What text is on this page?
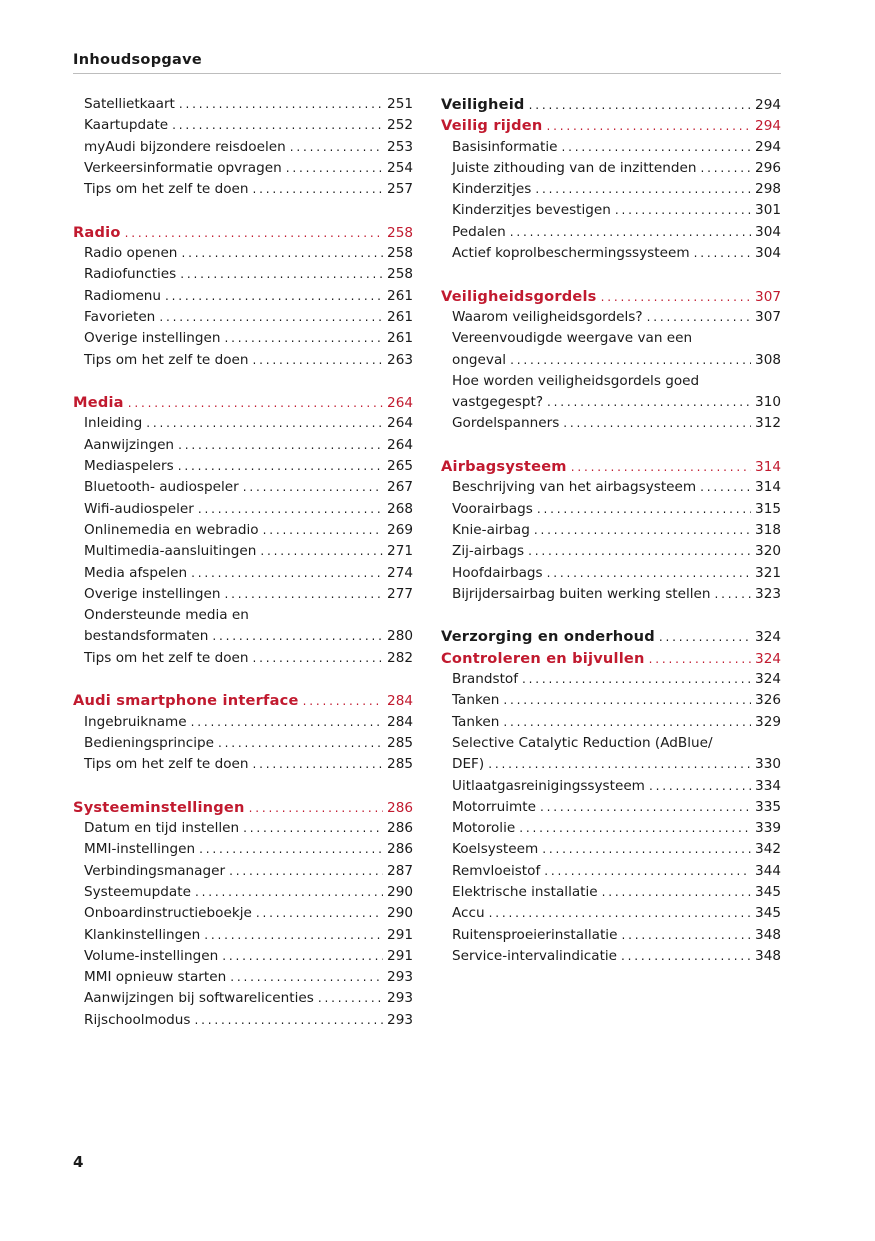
Inhoudsopgave
Satellietkaart . . .	251
Kaartupdate . . .	252
myAudi bijzondere reisdoelen . . .	253
Verkeersinformatie opvragen . . .	254
Tips om het zelf te doen . . .	257
Radio . . .	258
Radio openen . . .	258
Radiofuncties . . .	258
Radiomenu . . .	261
Favorieten . . .	261
Overige instellingen . . .	261
Tips om het zelf te doen . . .	263
Media . . .	264
Inleiding . . .	264
Aanwijzingen . . .	264
Mediaspelers . . .	265
Bluetooth- audiospeler . . .	267
Wifi-audiospeler . . .	268
Onlinemedia en webradio . . .	269
Multimedia-aansluitingen . . .	271
Media afspelen . . .	274
Overige instellingen . . .	277
Ondersteunde media en
bestandsformaten . . .	280
Tips om het zelf te doen . . .	282
Audi smartphone interface . . .	284
Ingebruikname . . .	284
Bedieningsprincipe . . .	285
Tips om het zelf te doen . . .	285
Systeeminstellingen . . .	286
Datum en tijd instellen . . .	286
MMI-instellingen . . .	286
Verbindingsmanager . . .	287
Systeemupdate . . .	290
Onboardinstructieboekje . . .	290
Klankinstellingen . . .	291
Volume-instellingen . . .	291
MMI opnieuw starten . . .	293
Aanwijzingen bij softwarelicenties . . .	293
Rijschoolmodus . . .	293
Veiligheid . . .	294
Veilig rijden . . .	294
Basisinformatie . . .	294
Juiste zithouding van de inzittenden . . .	296
Kinderzitjes . . .	298
Kinderzitjes bevestigen . . .	301
Pedalen . . .	304
Actief koprolbeschermingssysteem . . .	304
Veiligheidsgordels . . .	307
Waarom veiligheidsgordels? . . .	307
Vereenvoudigde weergave van een
ongeval . . .	308
Hoe worden veiligheidsgordels goed
vastgegespt? . . .	310
Gordelspanners . . .	312
Airbagsysteem . . .	314
Beschrijving van het airbagsysteem . . .	314
Voorairbags . . .	315
Knie-airbag . . .	318
Zij-airbags . . .	320
Hoofdairbags . . .	321
Bijrijdersairbag buiten werking stellen . . .	323
Verzorging en onderhoud . . .	324
Controleren en bijvullen . . .	324
Brandstof . . .	324
Tanken . . .	326
Tanken . . .	329
Selective Catalytic Reduction (AdBlue/
DEF) . . .	330
Uitlaatgasreinigingssysteem . . .	334
Motorruimte . . .	335
Motorolie . . .	339
Koelsysteem . . .	342
Remvloeistof . . .	344
Elektrische installatie . . .	345
Accu . . .	345
Ruitensproeierinstallatie . . .	348
Service-intervalindicatie . . .	348
4
